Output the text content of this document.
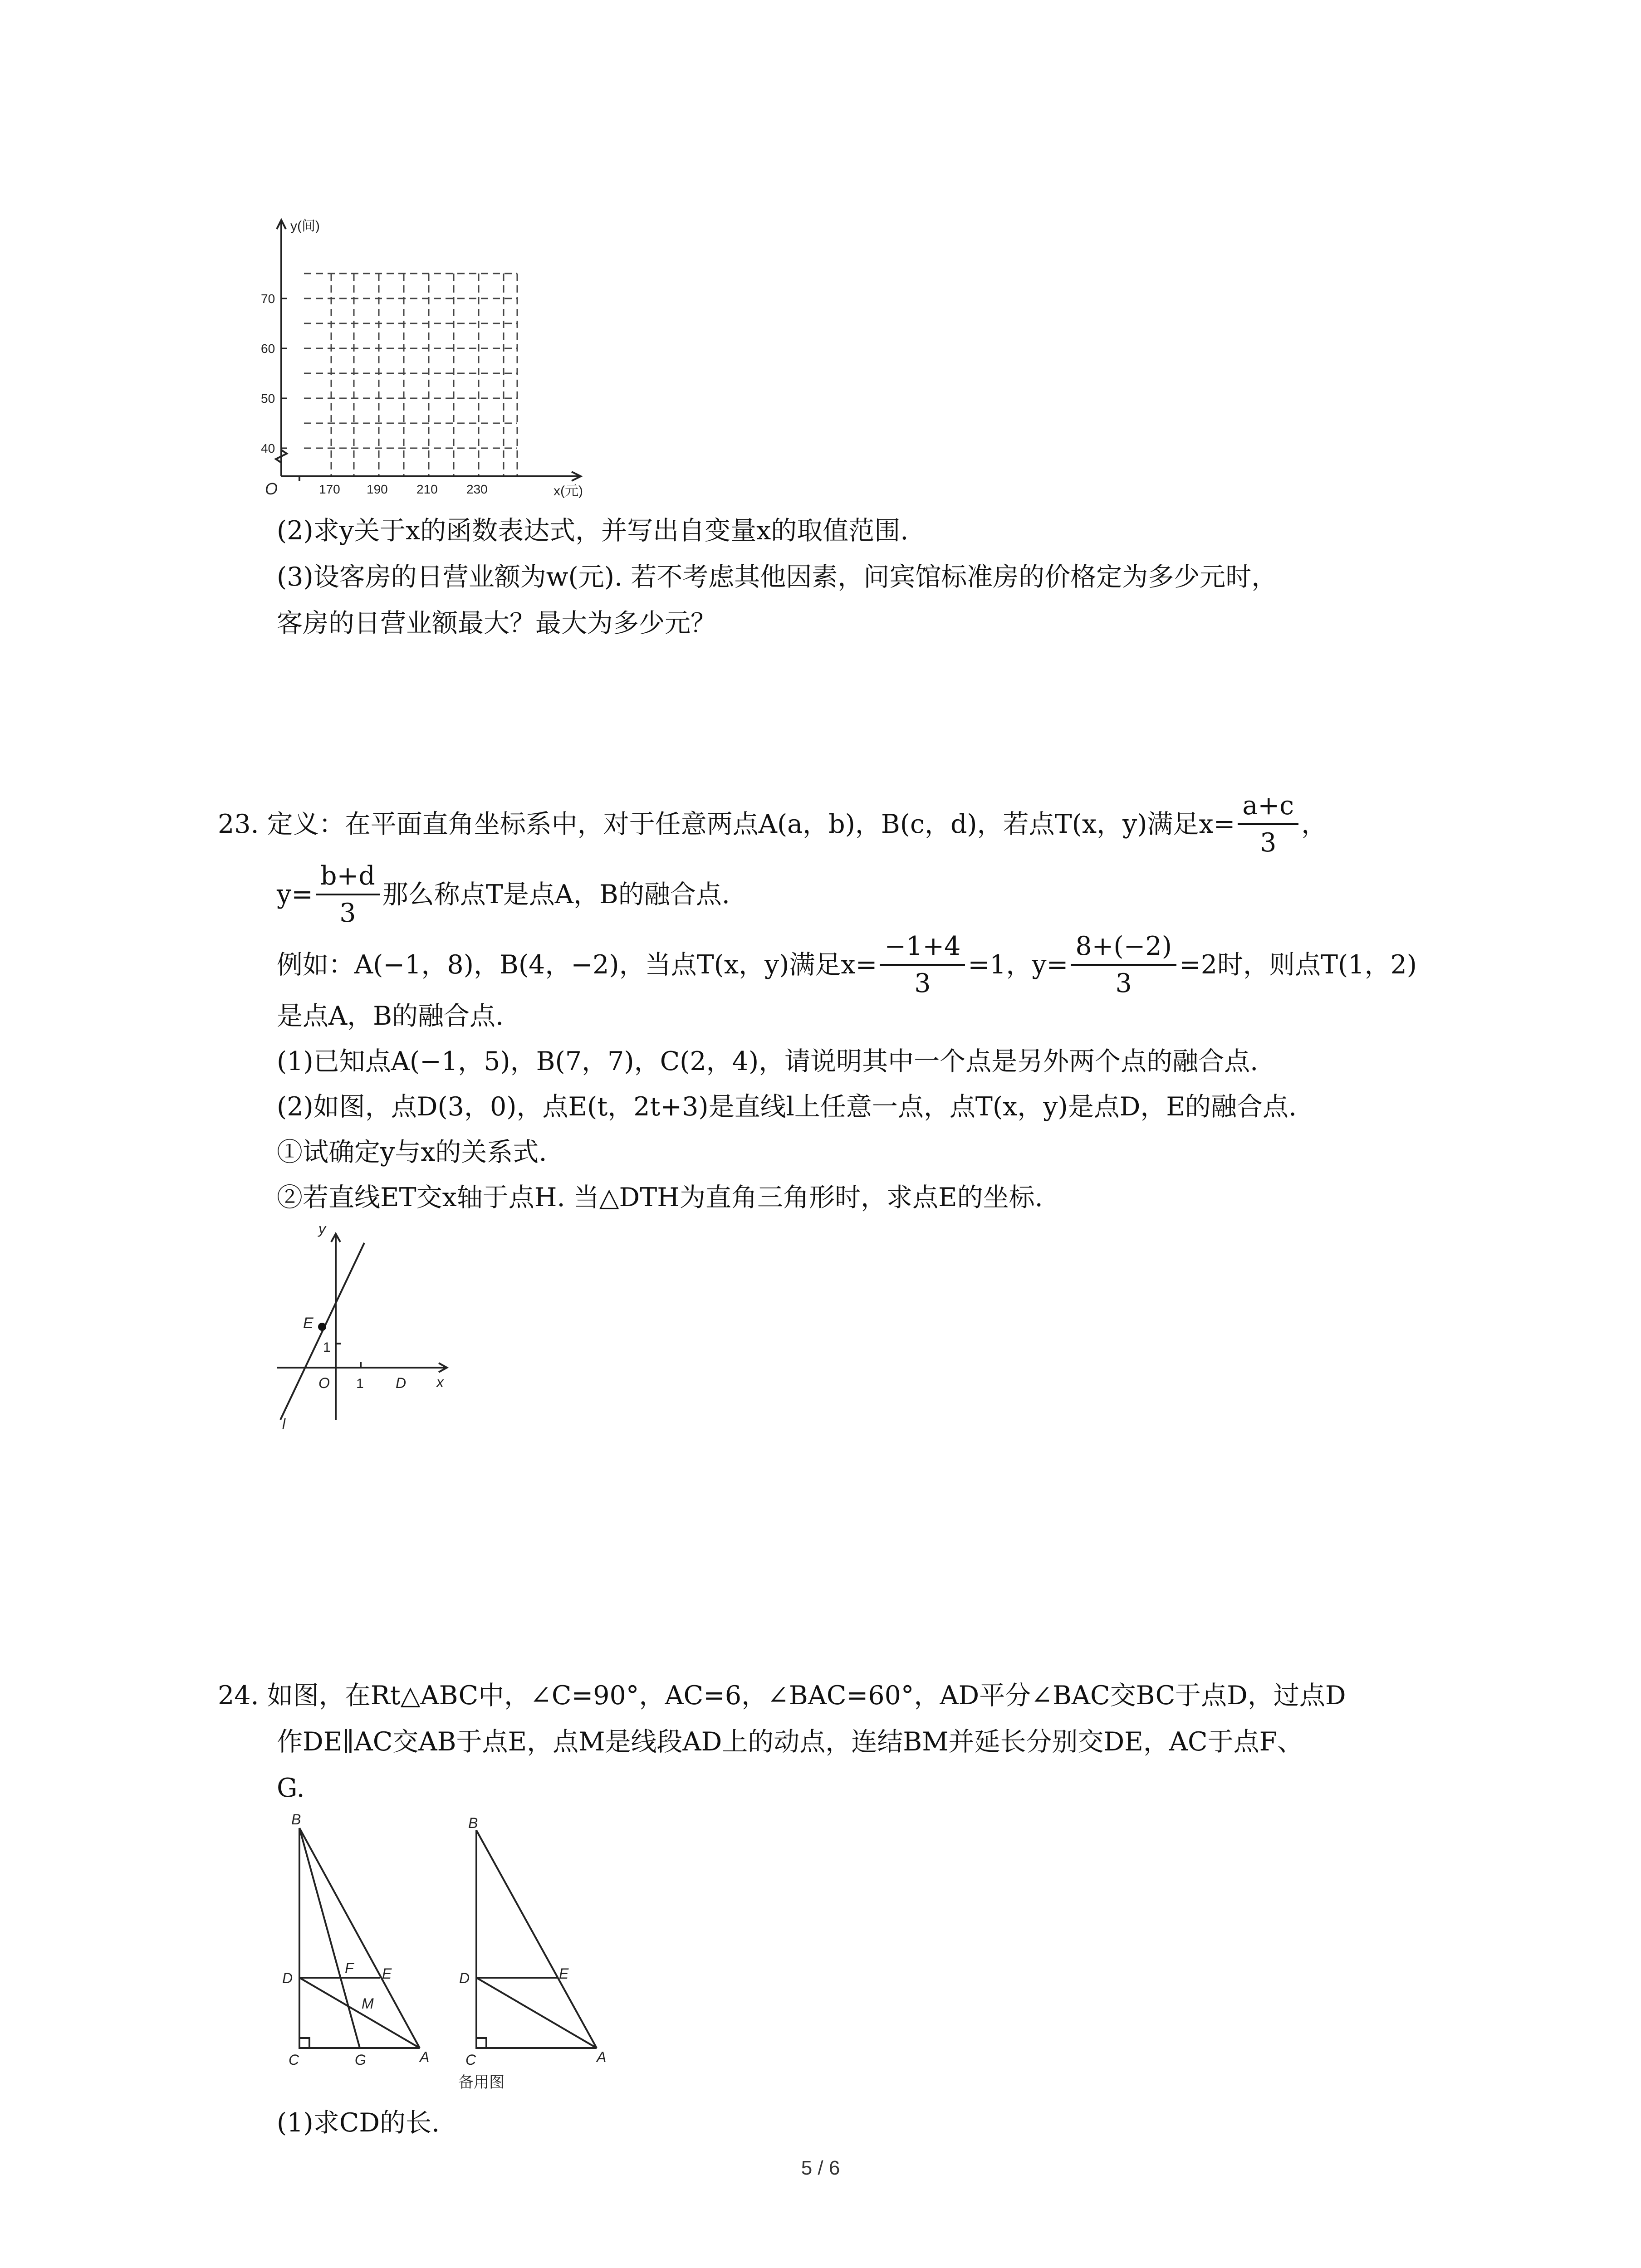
y(间)
x(元)
O
70
60
50
40
170 190 210 230
(2)求y关于x的函数表达式，并写出自变量x的取值范围.
(3)设客房的日营业额为w(元). 若不考虑其他因素，问宾馆标准房的价格定为多少元时，
客房的日营业额最大？最大为多少元？
23. 定义：在平面直角坐标系中，对于任意两点A(a，b)，B(c，d)，若点T(x，y)满足$x= \frac{a+c}{3}$ ，
$y= \frac{b+d}{3}$ 那么称点T是点A，B的融合点.
例如：A(−1，8)，B(4，−2)，当点T(x，y)满足$x= \frac{-1+4}{3} =1$，$y= \frac{8+(-2)}{3} =2$时，则点T(1，2)
是点A，B的融合点.
(1)已知点A(−1，5)，B(7，7)，C(2，4)，请说明其中一个点是另外两个点的融合点.
(2)如图，点D(3，0)，点E(t，2t+3)是直线l上任意一点，点T(x，y)是点D，E的融合点.
①试确定y与x的关系式.
②若直线ET交x轴于点H. 当△DTH为直角三角形时，求点E的坐标.
y
x
E
1
O 1 D
l
24. 如图，在Rt△ABC中，∠C=90°，AC=6，∠BAC=60°，AD平分∠BAC交BC于点D，过点D
作DE∥AC交AB于点E，点M是线段AD上的动点，连结BM并延长分别交DE，AC于点F、
G.
B
D
C	G	A
F E
M
B
D	E
C	A
备用图
(1)求CD的长.
5 / 6
